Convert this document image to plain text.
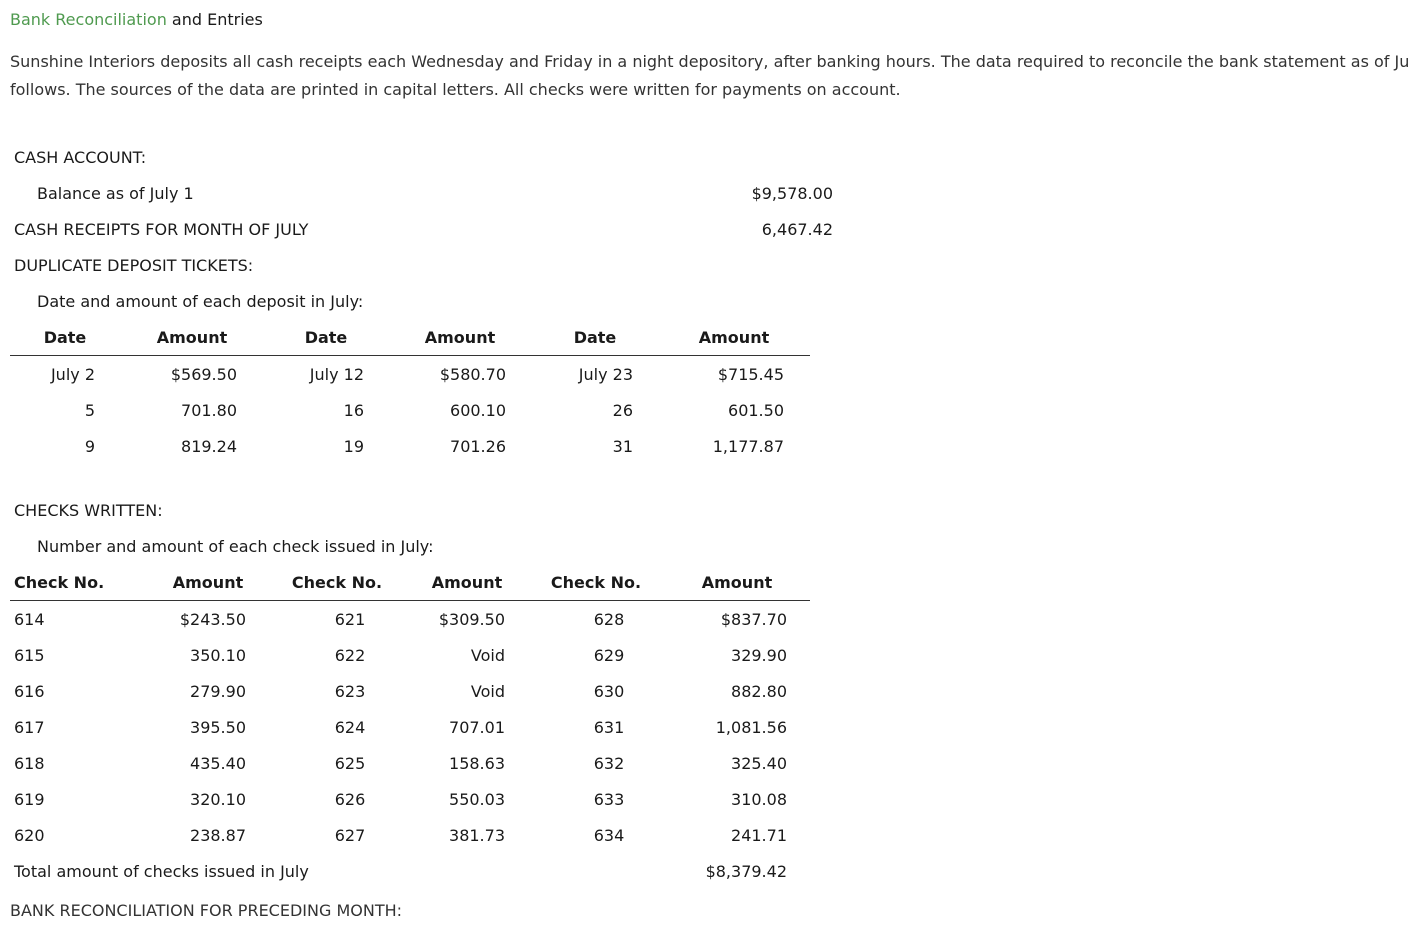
Bank Reconciliation and Entries
Sunshine Interiors deposits all cash receipts each Wednesday and Friday in a night depository, after banking hours. The data required to reconcile the bank statement as of Ju
follows. The sources of the data are printed in capital letters. All checks were written for payments on account.
CASH ACCOUNT:
Balance as of July 1	$9,578.00
CASH RECEIPTS FOR MONTH OF JULY	6,467.42
DUPLICATE DEPOSIT TICKETS:
Date and amount of each deposit in July:
Date	Amount	Date	Amount	Date	Amount
July 2	$569.50	July 12	$580.70	July 23	$715.45
5	701.80	16	600.10	26	601.50
9	819.24	19	701.26	31	1,177.87
CHECKS WRITTEN:
Number and amount of each check issued in July:
Check No.	Amount	Check No.	Amount	Check No.	Amount
614	$243.50	621	$309.50	628	$837.70
615	350.10	622	Void	629	329.90
616	279.90	623	Void	630	882.80
617	395.50	624	707.01	631	1,081.56
618	435.40	625	158.63	632	325.40
619	320.10	626	550.03	633	310.08
620	238.87	627	381.73	634	241.71
Total amount of checks issued in July	$8,379.42
BANK RECONCILIATION FOR PRECEDING MONTH:
